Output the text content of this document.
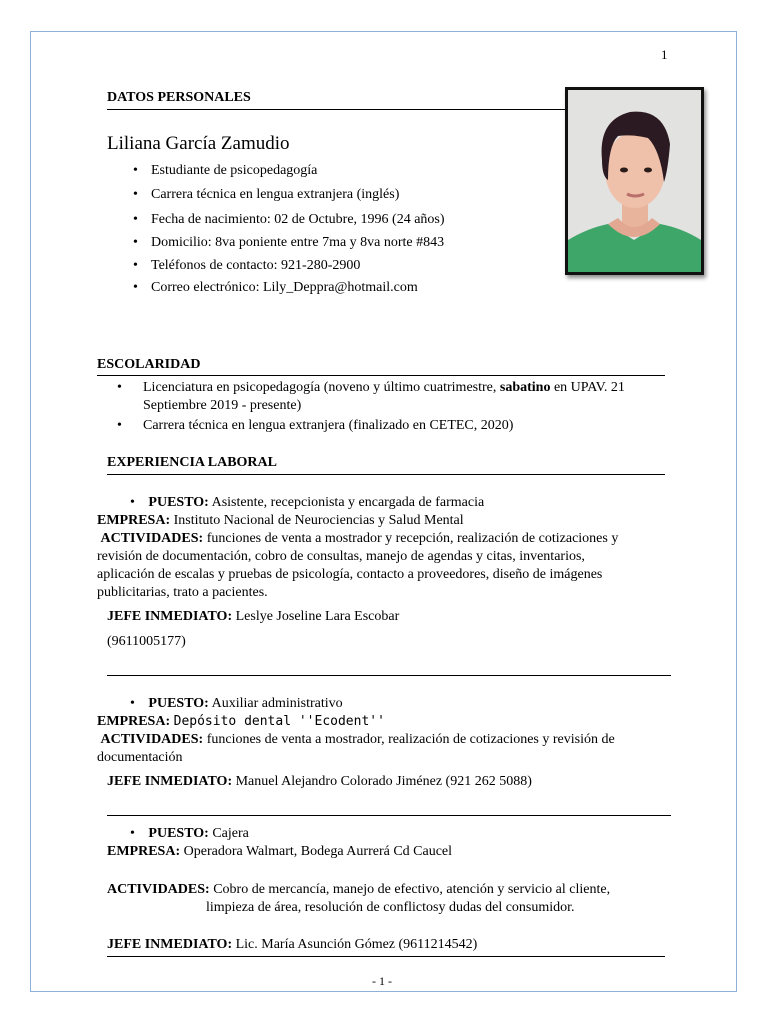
1
DATOS PERSONALES
Liliana García Zamudio
• Estudiante de psicopedagogía
• Carrera técnica en lengua extranjera (inglés)
• Fecha de nacimiento: 02 de Octubre, 1996 (24 años)
• Domicilio: 8va poniente entre 7ma y 8va norte #843
• Teléfonos de contacto: 921-280-2900
• Correo electrónico: Lily_Deppra@hotmail.com
ESCOLARIDAD
•	Licenciatura en psicopedagogía (noveno y último cuatrimestre, sabatino en UPAV. 21 Septiembre 2019 - presente)
• Carrera técnica en lengua extranjera (finalizado en CETEC, 2020)
EXPERIENCIA LABORAL
• PUESTO: Asistente, recepcionista y encargada de farmacia
EMPRESA: Instituto Nacional de Neurociencias y Salud Mental
ACTIVIDADES: funciones de venta a mostrador y recepción, realización de cotizaciones y
revisión de documentación, cobro de consultas, manejo de agendas y citas, inventarios,
aplicación de escalas y pruebas de psicología, contacto a proveedores, diseño de imágenes
publicitarias, trato a pacientes.
JEFE INMEDIATO: Leslye Joseline Lara Escobar
(9611005177)
• PUESTO: Auxiliar administrativo
EMPRESA: Depósito dental ''Ecodent''
ACTIVIDADES: funciones de venta a mostrador, realización de cotizaciones y revisión de
documentación
JEFE INMEDIATO: Manuel Alejandro Colorado Jiménez (921 262 5088)
• PUESTO: Cajera
EMPRESA: Operadora Walmart, Bodega Aurrerá Cd Caucel
ACTIVIDADES: Cobro de mercancía, manejo de efectivo, atención y servicio al cliente,
limpieza de área, resolución de conflictosy dudas del consumidor.
JEFE INMEDIATO: Lic. María Asunción Gómez (9611214542)
- 1 -
